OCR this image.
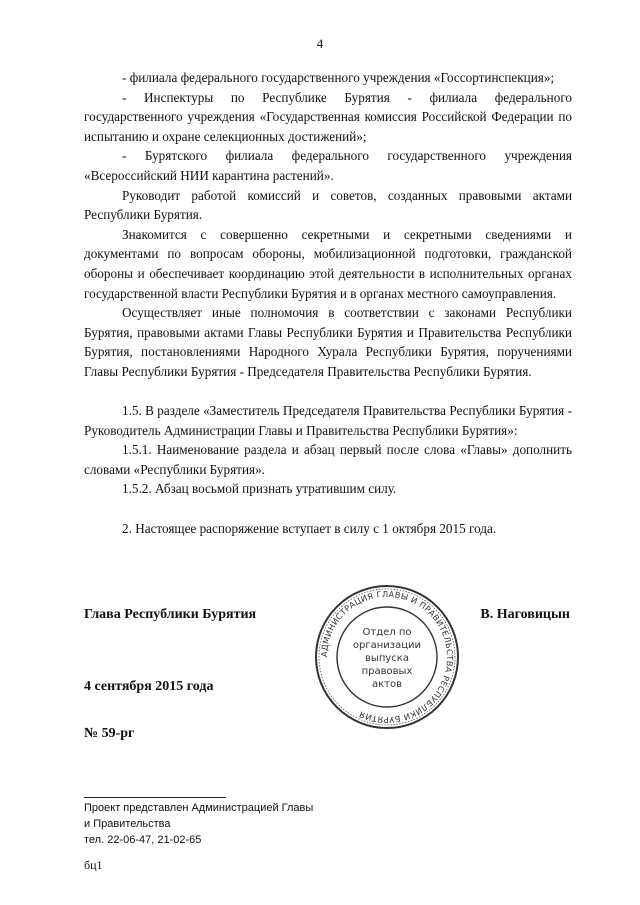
4

- филиала федерального государственного учреждения «Госсортинспекция»;

- Инспектуры по Республике Бурятия - филиала федерального государственного учреждения «Государственная комиссия Российской Федерации по испытанию и охране селекционных достижений»;

- Бурятского филиала федерального государственного учреждения «Всероссийский НИИ карантина растений».

Руководит работой комиссий и советов, созданных правовыми актами Республики Бурятия.

Знакомится с совершенно секретными и секретными сведениями и документами по вопросам обороны, мобилизационной подготовки, гражданской обороны и обеспечивает координацию этой деятельности в исполнительных органах государственной власти Республики Бурятия и в органах местного самоуправления.

Осуществляет иные полномочия в соответствии с законами Республики Бурятия, правовыми актами Главы Республики Бурятия и Правительства Республики Бурятия, постановлениями Народного Хурала Республики Бурятия, поручениями Главы Республики Бурятия - Председателя Правительства Республики Бурятия.

1.5. В разделе «Заместитель Председателя Правительства Республики Бурятия - Руководитель Администрации Главы и Правительства Республики Бурятия»:

1.5.1. Наименование раздела и абзац первый после слова «Главы» дополнить словами «Республики Бурятия».

1.5.2. Абзац восьмой признать утратившим силу.

2. Настоящее распоряжение вступает в силу с 1 октября 2015 года.

Глава Республики Бурятия	В. Наговицын
АДМИНИСТРАЦИЯ ГЛАВЫ И ПРАВИТЕЛЬСТВА РЕСПУБЛИКИ БУРЯТИЯ
Отдел по
организации
выпуска
правовых
актов
4 сентября 2015 года
№ 59-рг
Проект представлен Администрацией Главы
и Правительства
тел. 22-06-47, 21-02-65
бц1
